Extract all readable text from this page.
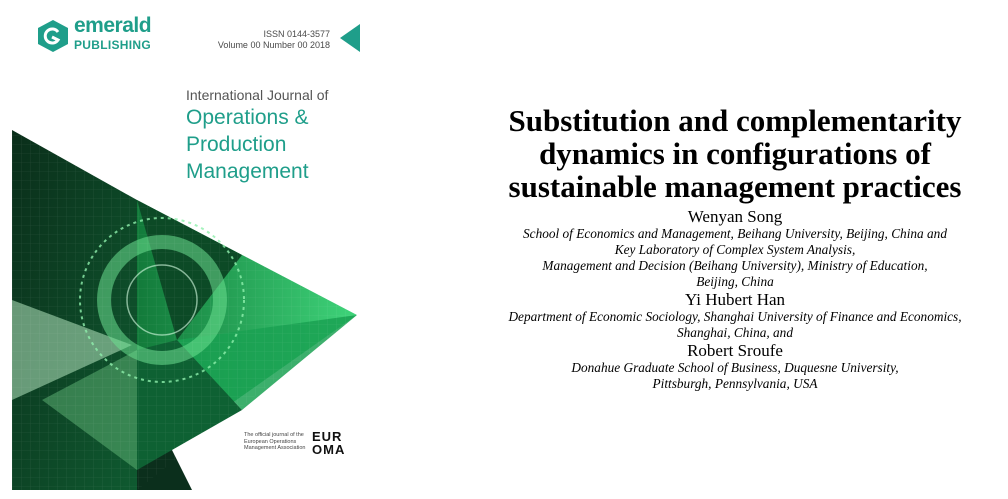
emerald
PUBLISHING
ISSN 0144-3577
Volume 00 Number 00 2018
International Journal of
Operations &
Production
Management
The official journal of the European Operations Management Association
EUR
OMA
Substitution and complementarity
dynamics in configurations of
sustainable management practices
Wenyan Song
School of Economics and Management, Beihang University, Beijing, China and
Key Laboratory of Complex System Analysis,
Management and Decision (Beihang University), Ministry of Education,
Beijing, China
Yi Hubert Han
Department of Economic Sociology, Shanghai University of Finance and Economics,
Shanghai, China, and
Robert Sroufe
Donahue Graduate School of Business, Duquesne University,
Pittsburgh, Pennsylvania, USA
